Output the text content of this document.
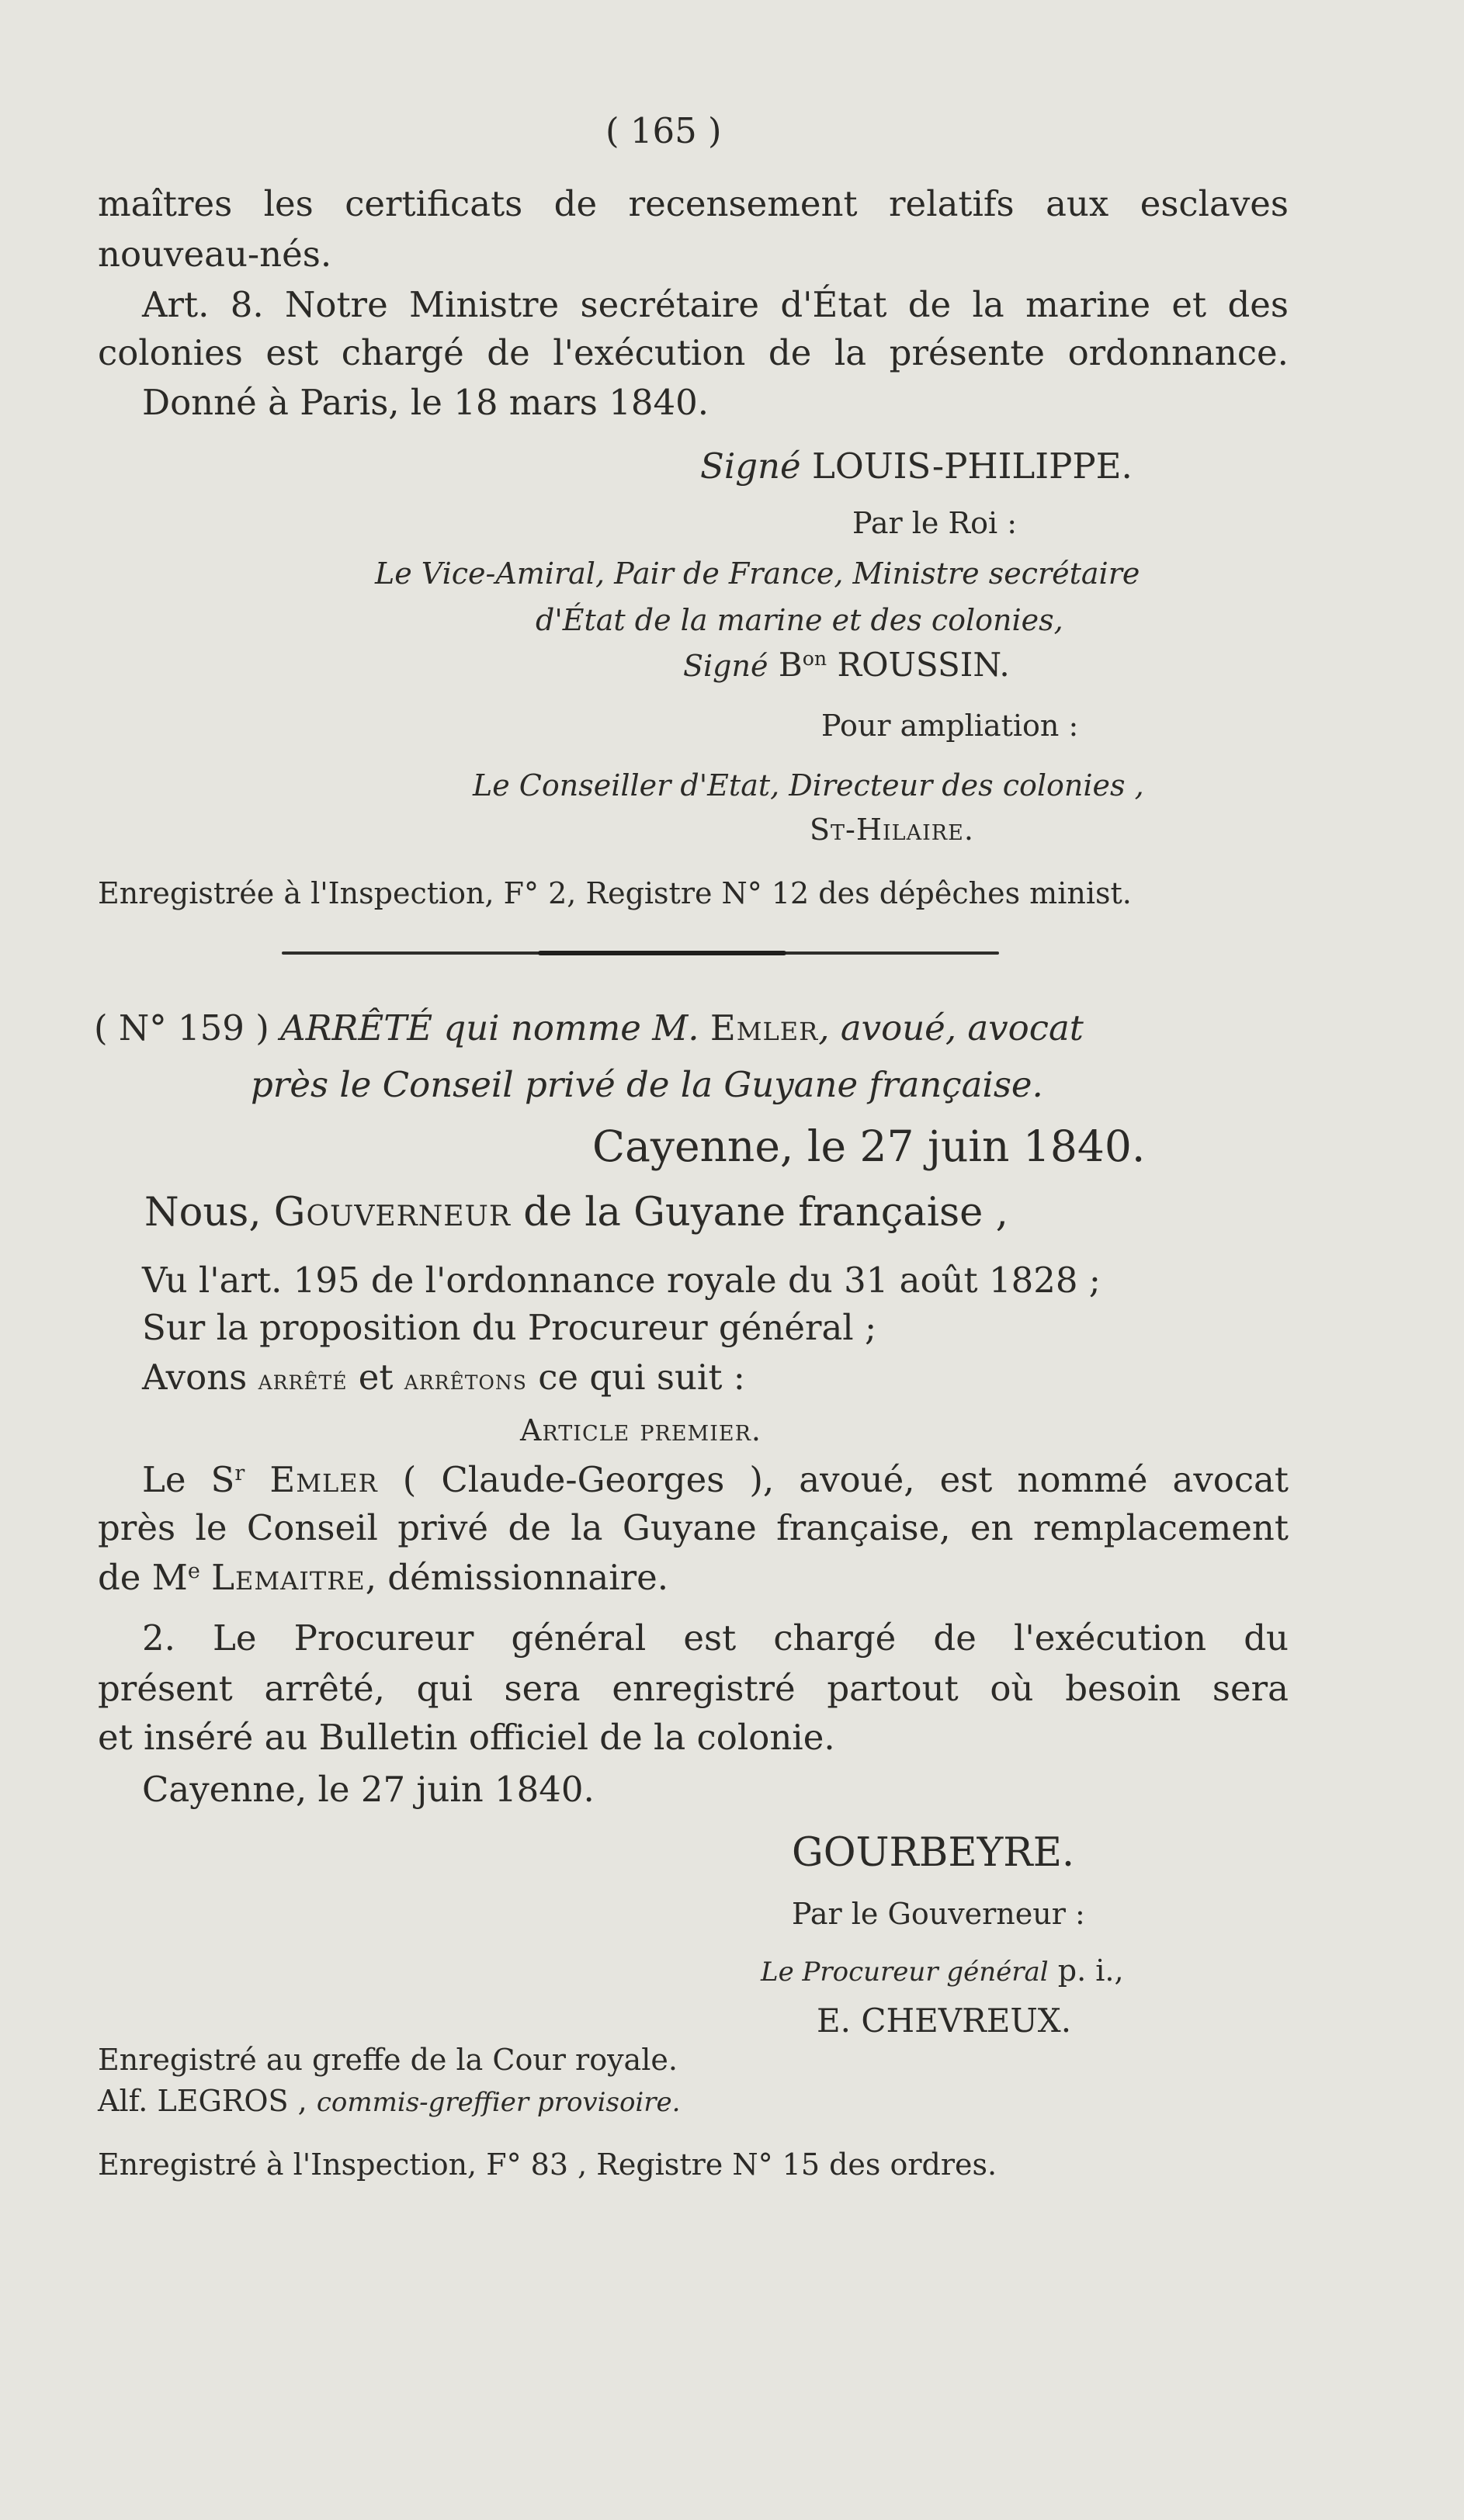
( 165 )
maîtres les certificats de recensement relatifs aux esclaves
nouveau-nés.
Art. 8. Notre Ministre secrétaire d'État de la marine et des
colonies est chargé de l'exécution de la présente ordonnance.
Donné à Paris, le 18 mars 1840.
Signé LOUIS-PHILIPPE.
Par le Roi :
Le Vice-Amiral, Pair de France, Ministre secrétaire
d'État de la marine et des colonies,
Signé $B^{on}$ ROUSSIN.
Pour ampliation :
Le Conseiller d'Etat, Directeur des colonies ,
St-Hilaire.
Enregistrée à l'Inspection, F° 2, Registre N° 12 des dépêches minist.
( N° 159 ) ARRÊTÉ qui nomme M. Emler, avoué, avocat
près le Conseil privé de la Guyane française.
Cayenne, le 27 juin 1840.
Nous, Gouverneur de la Guyane française ,
Vu l'art. 195 de l'ordonnance royale du 31 août 1828 ;
Sur la proposition du Procureur général ;
Avons arrêté et arrêtons ce qui suit :
Article premier.
Le $S^r$ Emler ( Claude-Georges ), avoué, est nommé avocat
près le Conseil privé de la Guyane française, en remplacement
de Me Lemaitre, démissionnaire.
2. Le Procureur général est chargé de l'exécution du
présent arrêté, qui sera enregistré partout où besoin sera
et inséré au Bulletin officiel de la colonie.
Cayenne, le 27 juin 1840.
GOURBEYRE.
Par le Gouverneur :
Le Procureur général p. i.,
E. CHEVREUX.
Enregistré au greffe de la Cour royale.
Alf. LEGROS , commis-greffier provisoire.
Enregistré à l'Inspection, F° 83 , Registre N° 15 des ordres.
